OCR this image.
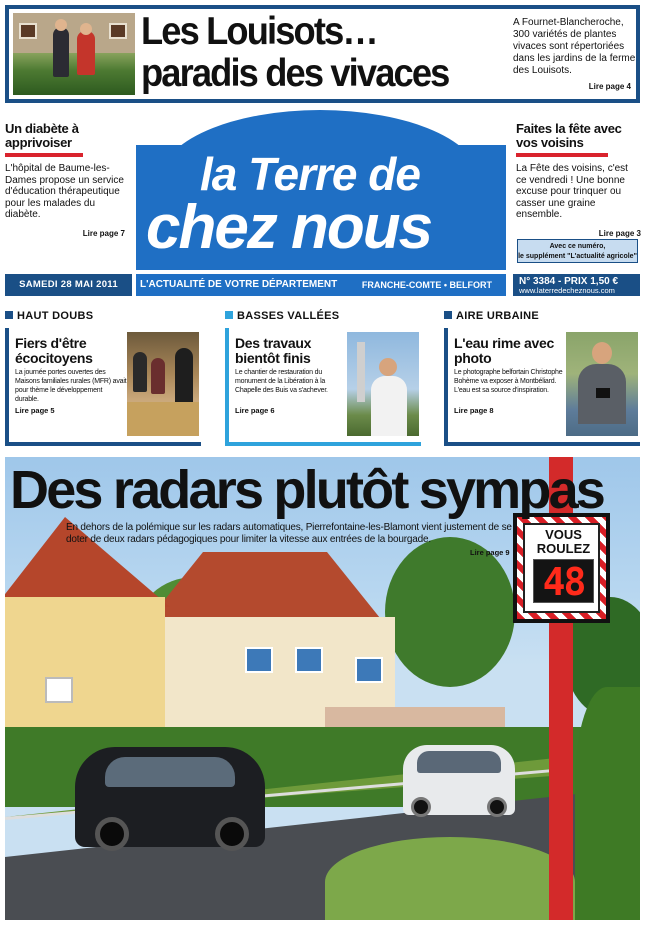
Les Louisots…
paradis des vivaces
A Fournet-Blancheroche, 300 variétés de plantes vivaces sont répertoriées dans les jardins de la ferme des Louisots.
Lire page 4
Un diabète à apprivoiser
L'hôpital de Baume-les-Dames propose un service d'éducation thérapeutique pour les malades du diabète.
Lire page 7
la Terre de
chez nous
Faites la fête avec vos voisins
La Fête des voisins, c'est ce vendredi ! Une bonne excuse pour trinquer ou casser une graine ensemble.
Lire page 3
Avec ce numéro,
le supplément "L'actualité agricole"
SAMEDI 28 MAI 2011	L'ACTUALITÉ DE VOTRE DÉPARTEMENT	FRANCHE-COMTE • BELFORT	N° 3384 - PRIX 1,50 €
www.laterredecheznous.com
HAUT DOUBS
Fiers d'être écocitoyens
La journée portes ouvertes des Maisons familiales rurales (MFR) avait pour thème le développement durable.
Lire page 5
BASSES VALLÉES
Des travaux bientôt finis
Le chantier de restauration du monument de la Libération à la Chapelle des Buis va s'achever.
Lire page 6
AIRE URBAINE
L'eau rime avec photo
Le photographe belfortain Christophe Bohème va exposer à Montbéliard. L'eau est sa source d'inspiration.
Lire page 8
VOUS
ROULEZ
48
Des radars plutôt sympas
En dehors de la polémique sur les radars automatiques, Pierrefontaine-les-Blamont vient justement de se doter de deux radars pédagogiques pour limiter la vitesse aux entrées de la bourgade.
Lire page 9
